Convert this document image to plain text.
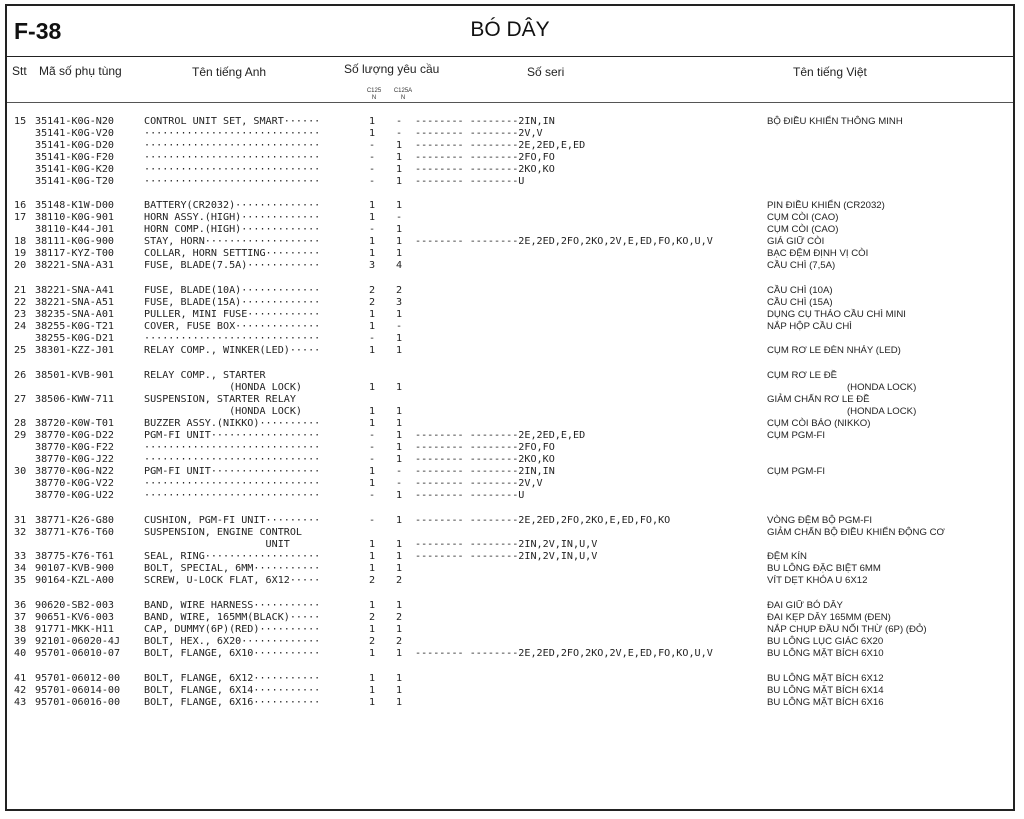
F-38	BÓ DÂY
Stt Mã số phụ tùng	Tên tiếng Anh	Số lượng yêu cầu
C125
N
C125A
N
Số seri	Tên tiếng Việt
15 35141-K0G-N20	CONTROL UNIT SET, SMART······	1 - -------- --------2IN,IN	BỘ ĐIỀU KHIỂN THÔNG MINH
35141-K0G-V20	·····························	1 - -------- --------2V,V
35141-K0G-D20	·····························	- 1 -------- --------2E,2ED,E,ED
35141-K0G-F20	·····························	- 1 -------- --------2FO,FO
35141-K0G-K20	·····························	- 1 -------- --------2KO,KO
35141-K0G-T20	·····························	- 1 -------- --------U
16 35148-K1W-D00	BATTERY(CR2032)··············	1 1	PIN ĐIỀU KHIỂN (CR2032)
17 38110-K0G-901	HORN ASSY.(HIGH)·············	1 -	CỤM CÒI (CAO)
38110-K44-J01	HORN COMP.(HIGH)·············	- 1	CỤM CÒI (CAO)
18 38111-K0G-900	STAY, HORN···················	1 1 -------- --------2E,2ED,2FO,2KO,2V,E,ED,FO,KO,U,V	GIÁ GIỮ CÒI
19 38117-KYZ-T00	COLLAR, HORN SETTING·········	1 1	BẠC ĐỆM ĐỊNH VỊ CÒI
20 38221-SNA-A31	FUSE, BLADE(7.5A)············	3 4	CẦU CHÌ (7,5A)
21 38221-SNA-A41	FUSE, BLADE(10A)·············	2 2	CẦU CHÌ (10A)
22 38221-SNA-A51	FUSE, BLADE(15A)·············	2 3	CẦU CHÌ (15A)
23 38235-SNA-A01	PULLER, MINI FUSE············	1 1	DỤNG CỤ THÁO CẦU CHÌ MINI
24 38255-K0G-T21	COVER, FUSE BOX··············	1 -	NẮP HỘP CẦU CHÌ
38255-K0G-D21	·····························	- 1
25 38301-KZZ-J01	RELAY COMP., WINKER(LED)·····	1 1	CỤM RƠ LE ĐÈN NHÁY (LED)
26 38501-KVB-901	RELAY COMP., STARTER	CỤM RƠ LE ĐỀ
(HONDA LOCK)	1 1	(HONDA LOCK)
27 38506-KWW-711	SUSPENSION, STARTER RELAY	GIẢM CHẤN RƠ LE ĐỀ
(HONDA LOCK)	1 1	(HONDA LOCK)
28 38720-K0W-T01	BUZZER ASSY.(NIKKO)··········	1 1	CỤM CÒI BÁO (NIKKO)
29 38770-K0G-D22	PGM-FI UNIT··················	- 1 -------- --------2E,2ED,E,ED	CỤM PGM-FI
38770-K0G-F22	·····························	- 1 -------- --------2FO,FO
38770-K0G-J22	·····························	- 1 -------- --------2KO,KO
30 38770-K0G-N22	PGM-FI UNIT··················	1 - -------- --------2IN,IN	CỤM PGM-FI
38770-K0G-V22	·····························	1 - -------- --------2V,V
38770-K0G-U22	·····························	- 1 -------- --------U
31 38771-K26-G80	CUSHION, PGM-FI UNIT·········	- 1 -------- --------2E,2ED,2FO,2KO,E,ED,FO,KO	VÒNG ĐỆM BỘ PGM-FI
32 38771-K76-T60	SUSPENSION, ENGINE CONTROL	GIẢM CHẤN BỘ ĐIỀU KHIỂN ĐỘNG CƠ
UNIT	1 1 -------- --------2IN,2V,IN,U,V
33 38775-K76-T61	SEAL, RING···················	1 1 -------- --------2IN,2V,IN,U,V	ĐỆM KÍN
34 90107-KVB-900	BOLT, SPECIAL, 6MM···········	1 1	BU LÔNG ĐẶC BIỆT 6MM
35 90164-KZL-A00	SCREW, U-LOCK FLAT, 6X12·····	2 2	VÍT DẸT KHÓA U 6X12
36 90620-SB2-003	BAND, WIRE HARNESS···········	1 1	ĐAI GIỮ BÓ DÂY
37 90651-KV6-003	BAND, WIRE, 165MM(BLACK)·····	2 2	ĐAI KẸP DÂY 165MM (ĐEN)
38 91771-MKK-H11	CAP, DUMMY(6P)(RED)··········	1 1	NẮP CHỤP ĐẦU NỐI THỪ (6P) (ĐỎ)
39 92101-06020-4J BOLT, HEX., 6X20·············	2 2	BU LÔNG LỤC GIÁC 6X20
40 95701-06010-07 BOLT, FLANGE, 6X10···········	1 1 -------- --------2E,2ED,2FO,2KO,2V,E,ED,FO,KO,U,V	BU LÔNG MẶT BÍCH 6X10
41 95701-06012-00 BOLT, FLANGE, 6X12···········	1 1	BU LÔNG MẶT BÍCH 6X12
42 95701-06014-00 BOLT, FLANGE, 6X14···········	1 1	BU LÔNG MẶT BÍCH 6X14
43 95701-06016-00 BOLT, FLANGE, 6X16···········	1 1	BU LÔNG MẶT BÍCH 6X16
